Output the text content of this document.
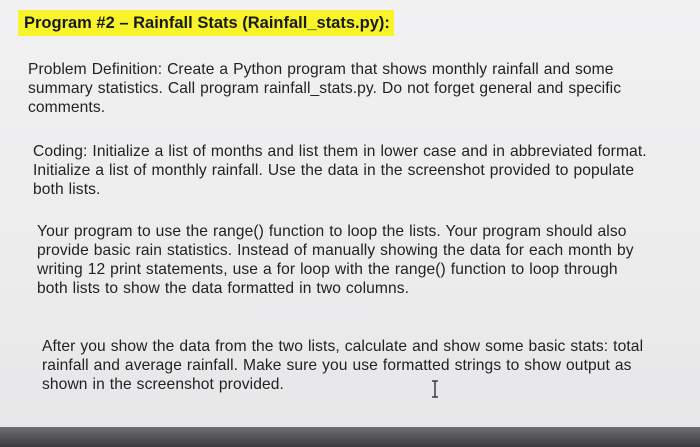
Program #2 – Rainfall Stats (Rainfall_stats.py):

Problem Definition: Create a Python program that shows monthly rainfall and some summary statistics. Call program rainfall_stats.py. Do not forget general and specific comments.

Coding: Initialize a list of months and list them in lower case and in abbreviated format. Initialize a list of monthly rainfall. Use the data in the screenshot provided to populate both lists.

Your program to use the range() function to loop the lists. Your program should also provide basic rain statistics. Instead of manually showing the data for each month by writing 12 print statements, use a for loop with the range() function to loop through both lists to show the data formatted in two columns.

After you show the data from the two lists, calculate and show some basic stats: total rainfall and average rainfall. Make sure you use formatted strings to show output as shown in the screenshot provided.
